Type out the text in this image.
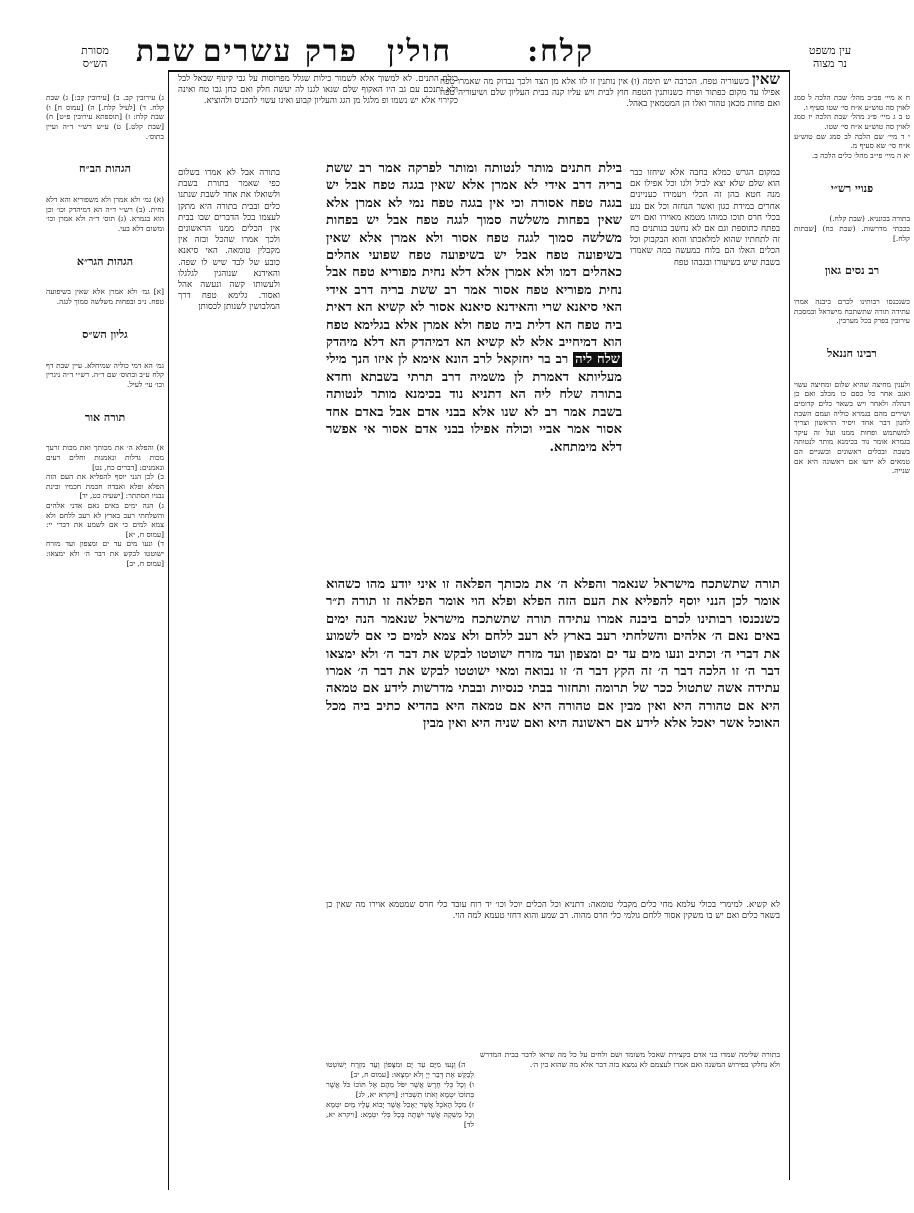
עין משפט
נר מצוה
קלח:
חולין
פרק עשרים
שבת
מסורת
הש״ס
שאין בשעוריה טפח. הכרבה יש תימה (ו) אין נותנין זו לזו אלא מן הצד ולכך נבדוק מה שאמרו טפח אפילו עד מקום כפתור ופרח כשנותנין הטפח חוץ לבית ויש עליו קנה בבית העליון שלם ושיעוריה טפח ואם פחות מכאן טהור ואלו הן המטמאין באהל.
בילת התנים. לא למשוך אלא לשמור כילות שגלל מפרוסות על גבי קינוף שבאל לבל ולא יתנכם עם גב היו האקוף שלם שנאו לגנו לה יעשה חלק ואם כחן גבו טח ואינה כקירוי אלא יש נשמו ופ מלגל מן הגג והעליון קבוע ואינו עשוי להכניס ולהוציא.
במקום הגרש כמלא בחבה אלא שיחזו כבר הוא שלם שלא יצא לביל ולגו וכל אפילו אם מנה חטא בהן זה הכלי ויעמידו כעניינים אחרים במידת כגון ואשר הנחזה וכל אם נגע בכלי חרס תוכו כמוהו מטמא מאוירו ואם ויש בפתח כתוספת וגם אם לא נחשב בנותנים כח זה לתחתיו שהוא למלאכתו והוא הבקבוק וכל הכלים האלו הם בלוח כמעשה במה שאמרו בשבת שיש בשיעורו ובגבהו טפח
בילת חתנים מותר לנטותה ומותר לפרקה אמר רב ששת בריה דרב אידי לא אמרן אלא שאין בגגה טפח אבל יש בגגה טפח אסורה וכי אין בגגה טפח נמי לא אמרן אלא שאין בפחות משלשה סמוך לגגה טפח אבל יש בפחות משלשה סמוך לגגה טפח אסור ולא אמרן אלא שאין בשיפועה טפח אבל יש בשיפועה טפח שפועי אהלים כאהלים דמו ולא אמרן אלא דלא נחית מפוריא טפח אבל נחית מפוריא טפח אסור אמר רב ששת בריה דרב אידי האי סיאנא שרי והאידנא סיאנא אסור לא קשיא הא דאית ביה טפח הא דלית ביה טפח ולא אמרן אלא בגלימא טפח הוא דמיחייב אלא לא קשיא הא דמיהדק הא דלא מיהדק שלח ליה רב בר יחזקאל לרב הונא אימא לן איזו הנך מילי מעליותא דאמרת לן משמיה דרב תרתי בשבתא וחדא בתורה שלח ליה הא דתניא נוד בכימנא מותר לנטותה בשבת אמר רב לא שנו אלא בבני אדם אבל באדם אחד אסור אמר אביי וכולה אפילו בבני אדם אסור אי אפשר דלא מימתחא.
בתורה אבל לא אמרו בשלום כפי שאמר בתורת בשבת ולשואלו את אחד לשבת שנתנו כלים ובבית בתורה היא מתקן לעצמו בכל הדברים שבו בבית אין הכלים ממנו הראשונים ולכך אמרו שהכל ובזה אין מקבלין טומאה. האי סיאנא כובע של לבד שיש לו שפה. והאידנא שנוהגין לגלגלו ולעשותו קשה ונעשה אהל ואסור. גלימא טפח דרך המלבושין לשנותן לכסותן
תורה שתשתכח מישראל שנאמר והפלא ה׳ את מכותך הפלאה זו איני יודע מהו כשהוא אומר לכן הנני יוסף להפליא את העם הזה הפלא ופלא הוי אומר הפלאה זו תורה ת״ר כשנכנסו רבותינו לכרם ביבנה אמרו עתידה תורה שתשתכח מישראל שנאמר הנה ימים באים נאם ה׳ אלהים והשלחתי רעב בארץ לא רעב ללחם ולא צמא למים כי אם לשמוע את דברי ה׳ וכתיב ונעו מים עד ים ומצפון ועד מזרח ישוטטו לבקש את דבר ה׳ ולא ימצאו דבר ה׳ זו הלכה דבר ה׳ זה הקץ דבר ה׳ זו נבואה ומאי ישוטטו לבקש את דבר ה׳ אמרו עתידה אשה שתטול ככר של תרומה ותחזור בבתי כנסיות ובבתי מדרשות לידע אם טמאה היא אם טהורה היא ואין מבין אם טהורה היא אם טמאה היא בהדיא כתיב ביה מכל האוכל אשר יאכל אלא לידע אם ראשונה היא ואם שניה היא ואין מבין
לא קשיא. למימרי בכולי עלמא מחי כלים מקבלי טומאה: דתניא וכל הכלים יוכל וכו׳ יד רוח עובד כלי חרס שמטמא אוירו מה שאין כן בשאר כלים ואם יש בו משקין אסור ללחם גולמי כלי חרס מהוה. רב שמע והוא דחזי טעמא למה הוי.
בתורה שלימה שמדו בני אדם בקצירת שאכל משומד ושם ולחים על כל מה שראו לדבר בבית המדרש ולא נחלקו בפירוש המשנה ואם אמרו לעצמם לא נמצא בזה דבר אלא מה שהוא בין ה׳.

ה) וְנָעוּ מִיָּם עַד יָם וּמִצָּפוֹן וְעַד מִזְרָח יְשׁוֹטְטוּ לְבַקֵּשׁ אֶת דְּבַר יְיָ וְלֹא יִמְצָאוּ: [עמוס ח, יב]
ו) וְכָל כְּלִי חֶרֶשׂ אֲשֶׁר יִפֹּל מֵהֶם אֶל תּוֹכוֹ כֹּל אֲשֶׁר בְּתוֹכוֹ יִטְמָא וְאֹתוֹ תִשְׁבֹּרוּ: [ויקרא יא, לג]
ז) מִכָּל הָאֹכֶל אֲשֶׁר יֵאָכֵל אֲשֶׁר יָבוֹא עָלָיו מַיִם יִטְמָא וְכָל מַשְׁקֶה אֲשֶׁר יִשָּׁתֶה בְּכָל כְּלִי יִטְמָא: [ויקרא יא, לד]

ג) עירובין קב. ב) [עירובין קב:] ג) שבת קלח. ד) [לעיל קלח.] ה) [עמוס ח] ו) שבת קלח: ז) [תוספתא עירובין פ״ט] ח) [שבת קלט.] ט) ע״ש רש״י ד״ה ועיין בתוס׳.

הגהות הב״ח

(א) גמ׳ ולא אמרן ולא משפוריא והא דלא נחית. (ב) רש״י ד״ה הא דמיהדק וכו׳ וכן הוא בגמרא. (ג) תוס׳ ד״ה ולא אמרן וכו׳ ומשום דלא בעי.

הגהות הגר״א

[א] גמ׳ ולא אמרן אלא שאין בשיפועה טפח. נ״ב ובפחות משלשה סמוך לגגה.

גליון הש״ס

גמ׳ הא דמי כוליה שמיחלא. עיין שבת דף קלח ע״ב ובתוס׳ שם ד״ה. רש״י ד״ה ניגרין וכו׳ עי׳ לעיל.

תורה אור

א) והפלא ה׳ את מכותך ואת מכות זרעך מכות גדלות ונאמנות וחלים רעים ונאמנים: [דברים כח, נט]
ב) לכן הנני יוסף להפליא את העם הזה הפלא ופלא ואבדה חכמת חכמיו ובינת נבניו תסתתר: [ישעיה כט, יד]
ג) הנה ימים באים נאם אדני אלהים והשלחתי רעב בארץ לא רעב ללחם ולא צמא למים כי אם לשמע את דברי יי: [עמוס ח, יא]
ד) ונעו מים עד ים ומצפון ועד מזרח ישוטטו לבקש את דבר ה׳ ולא ימצאו: [עמוס ח, יב]

ח א מיי׳ פכ״ב מהל׳ שבת הלכה ל סמג לאוין סה טוש״ע א״ח סי׳ שטו סעיף ו.
ט ב ג מיי׳ פ״ג מהל׳ שבת הלכה יז סמג לאוין סה טוש״ע א״ח סי׳ שטו.
י ד מיי׳ שם הלכה לב סמג שם טוש״ע א״ח סי׳ שא סעיף מ.
יא ה מיי׳ פי״ב מהל׳ כלים הלכה ב.

פנויי רש״י

בתורה בכונניא. (שבת קלח.)
בכבתי מדרשות. (שבת כח) [שבתות קלח.]

רב נסים גאון

כשנכנסו רבותינו לכרם ביבנה אמרו עתידה תורה שתשתכח מישראל ובמסכת עירובין בפרק בכל מערבין.

רבינו חננאל

ולענין מחיצה שהיא שלום ומחיצה עשוי ואגב אחר כל כסם כו מכלב ואם כן דנהלה ולאחר ויש בשאר כלים קדומים ושירים מהם בגמרא כוליה ועמם השבת לחנון דבר אחד ויסיר הראשון וצריך למשתמש ופחות ממנו ועל זה עיקר בגמרא אומר נוד בכימנא מותר לנטותה בשבת ובכלים ראשונים ובשניים הם טמאים לא ידעו אם ראשונה היא אם שנייה.
